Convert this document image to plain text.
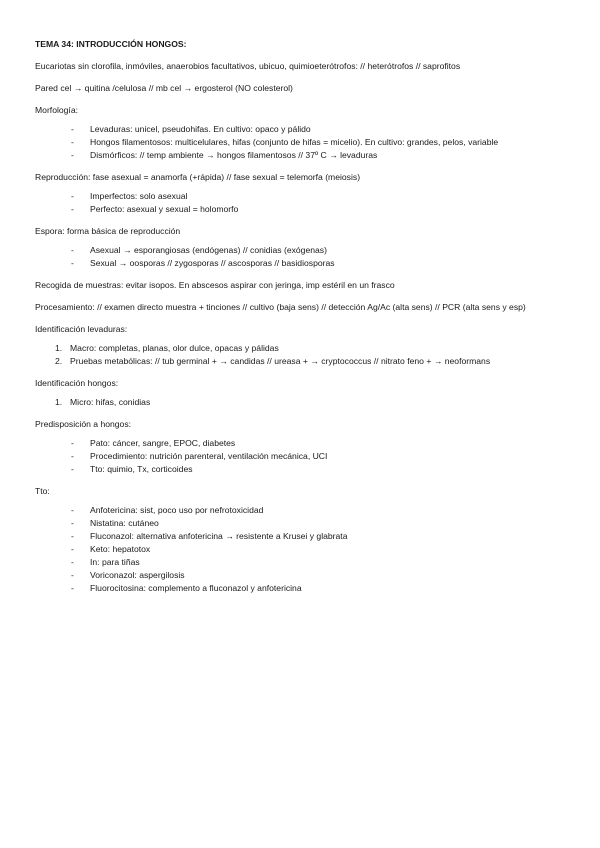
TEMA 34: INTRODUCCIÓN HONGOS:
Eucariotas sin clorofila, inmóviles, anaerobios facultativos, ubicuo, quimioeterótrofos: // heterótrofos // saprofitos
Pared cel → quitina /celulosa // mb cel → ergosterol (NO colesterol)
Morfología:
- Levaduras: unicel, pseudohifas. En cultivo: opaco y pálido
- Hongos filamentosos: multicelulares, hifas (conjunto de hifas = micelio). En cultivo: grandes, pelos, variable
- Dismórficos: // temp ambiente → hongos filamentosos // 37º C → levaduras
Reproducción: fase asexual = anamorfa (+rápida) // fase sexual = telemorfa (meiosis)
- Imperfectos: solo asexual
- Perfecto: asexual y sexual = holomorfo
Espora: forma básica de reproducción
- Asexual → esporangiosas (endógenas) // conidias (exógenas)
- Sexual → oosporas // zygosporas // ascosporas // basidiosporas
Recogida de muestras: evitar isopos. En abscesos aspirar con jeringa, imp estéril en un frasco
Procesamiento: // examen directo muestra + tinciones // cultivo (baja sens) // detección Ag/Ac (alta sens) // PCR (alta sens y esp)
Identificación levaduras:
1. Macro: completas, planas, olor dulce, opacas y pálidas
2. Pruebas metabólicas: // tub germinal + → candidas // ureasa + → cryptococcus // nitrato feno + → neoformans
Identificación hongos:
1. Micro: hifas, conidias
Predisposición a hongos:
- Pato: cáncer, sangre, EPOC, diabetes
- Procedimiento: nutrición parenteral, ventilación mecánica, UCI
- Tto: quimio, Tx, corticoides
Tto:
- Anfotericina: sist, poco uso por nefrotoxicidad
- Nistatina: cutáneo
- Fluconazol: alternativa anfotericina → resistente a Krusei y glabrata
- Keto: hepatotox
- In: para tiñas
- Voriconazol: aspergilosis
- Fluorocitosina: complemento a fluconazol y anfotericina
